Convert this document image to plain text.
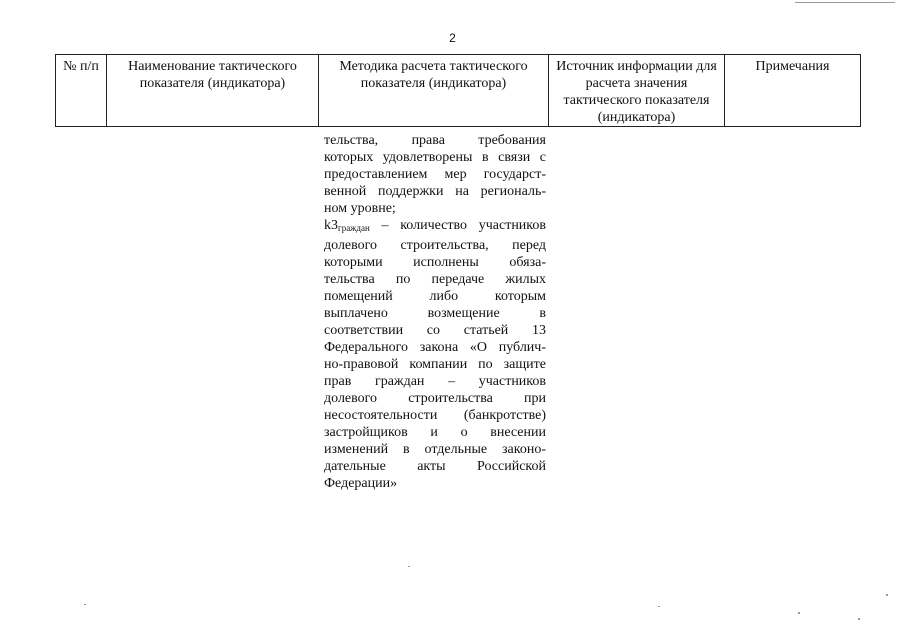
2
№ п/п	Наименование тактического показателя (индикатора)	Методика расчета тактического показателя (индикатора)	Источник информации для расчета значения тактического показателя (индикатора)	Примечания

тельства, права требования

которых удовлетворены в связи с

предоставлением мер государст-

венной поддержки на региональ-

ном уровне;

$k3_{граждан}$ – количество участников

долевого строительства, перед

которыми исполнены обяза-

тельства по передаче жилых

помещений либо которым

выплачено возмещение в

соответствии со статьей 13

Федерального закона «О публич-

но-правовой компании по защите

прав граждан – участников

долевого строительства при

несостоятельности (банкротстве)

застройщиков и о внесении

изменений в отдельные законо-

дательные акты Российской

Федерации»
